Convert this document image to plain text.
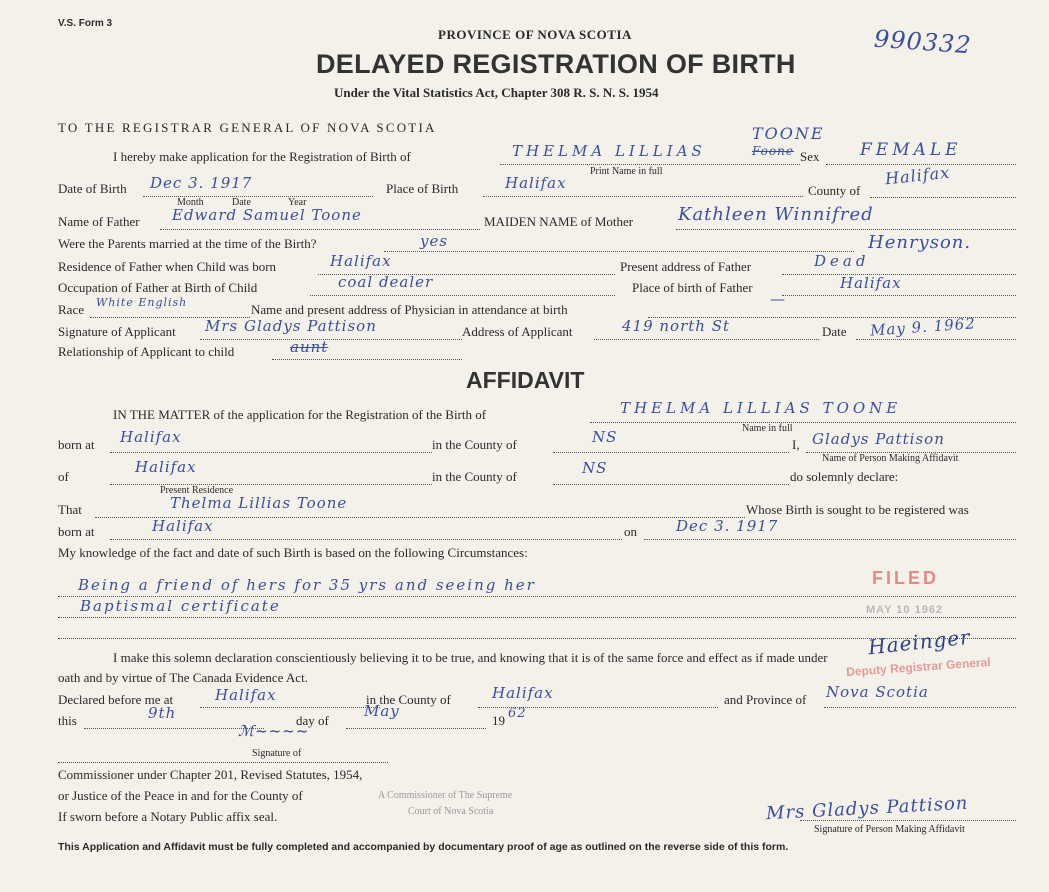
V.S. Form 3
PROVINCE OF NOVA SCOTIA
DELAYED REGISTRATION OF BIRTH
Under the Vital Statistics Act, Chapter 308 R. S. N. S. 1954
990332
TO THE REGISTRAR GENERAL OF NOVA SCOTIA
I hereby make application for the Registration of Birth of	THELMA LILLIAS	Foone
TOONE
Print Name in full
Sex FEMALE
Date of Birth Dec 3. 1917
Month	Date	Year
Place of Birth	Halifax	County of
Halifax
Name of Father Edward Samuel Toone	MAIDEN NAME of Mother Kathleen Winnifred
Henryson.
Were the Parents married at the time of the Birth?	yes
Residence of Father when Child was born	Halifax	Present address of Father	Dead
Occupation of Father at Birth of Child	coal dealer	Place of birth of Father	Halifax
Race White English	Name and present address of Physician in attendance at birth
—
Signature of Applicant Mrs Gladys Pattison	Address of Applicant	419 north St	Date May 9. 1962
Relationship of Applicant to child	aunt
AFFIDAVIT
IN THE MATTER of the application for the Registration of the Birth of	THELMA LILLIAS TOONE
Name in full
born at Halifax	in the County of	NS	I, Gladys Pattison
Name of Person Making Affidavit
of
Halifax
Present Residence
in the County of	NS	do solemnly declare:
That	Thelma Lillias Toone	Whose Birth is sought to be registered was
born at	Halifax	on	Dec 3. 1917
My knowledge of the fact and date of such Birth is based on the following Circumstances:
Being a friend of hers for 35 yrs and seeing her
Baptismal certificate
FILED
MAY 10 1962
Haeinger
Deputy Registrar General
I make this solemn declaration conscientiously believing it to be true, and knowing that it is of the same force and effect as if made under
oath and by virtue of The Canada Evidence Act.
Declared before me at	Halifax	in the County of	Halifax	and Province of Nova Scotia
this	9th	day of
May
19 62
ℳ~~~~
Signature of
Commissioner under Chapter 201, Revised Statutes, 1954,
or Justice of the Peace in and for the County of	A Commissioner of The Supreme
Court of Nova Scotia
If sworn before a Notary Public affix seal.	Mrs Gladys Pattison
Signature of Person Making Affidavit
This Application and Affidavit must be fully completed and accompanied by documentary proof of age as outlined on the reverse side of this form.
